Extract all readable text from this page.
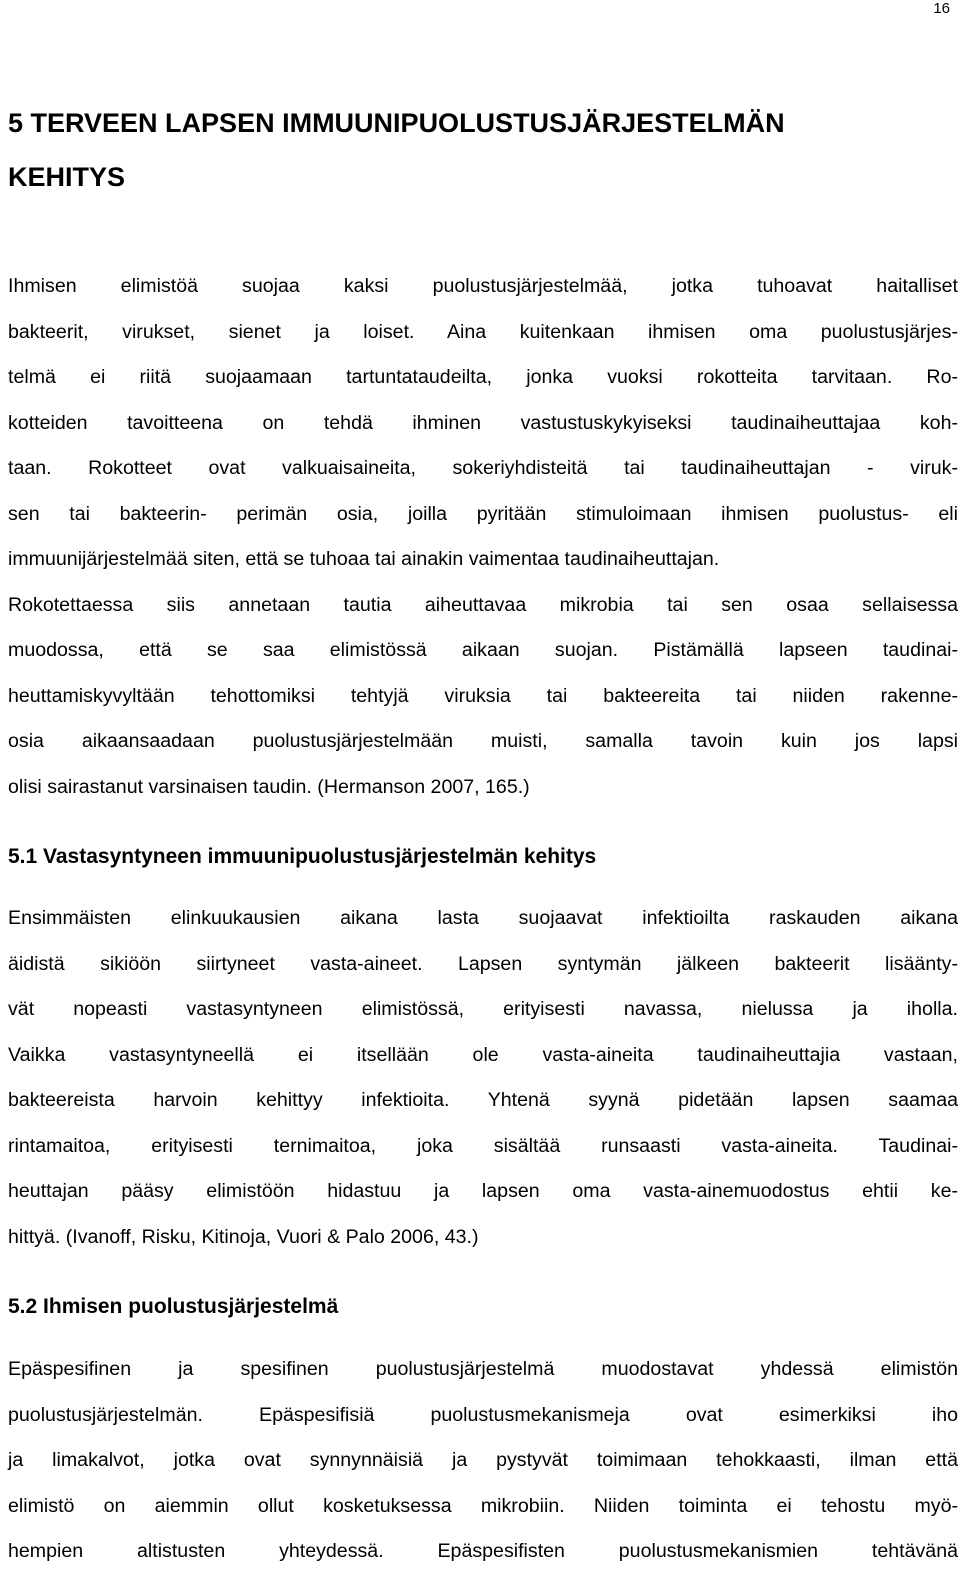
16
5 TERVEEN LAPSEN IMMUUNIPUOLUSTUSJÄRJESTELMÄN
KEHITYS
Ihmisen elimistöä suojaa kaksi puolustusjärjestelmää, jotka tuhoavat haitalliset
bakteerit, virukset, sienet ja loiset. Aina kuitenkaan ihmisen oma puolustusjärjes-
telmä ei riitä suojaamaan tartuntataudeilta, jonka vuoksi rokotteita tarvitaan. Ro-
kotteiden tavoitteena on tehdä ihminen vastustuskykyiseksi taudinaiheuttajaa koh-
taan. Rokotteet ovat valkuaisaineita, sokeriyhdisteitä tai taudinaiheuttajan - viruk-
sen tai bakteerin- perimän osia, joilla pyritään stimuloimaan ihmisen puolustus- eli
immuunijärjestelmää siten, että se tuhoaa tai ainakin vaimentaa taudinaiheuttajan.
Rokotettaessa siis annetaan tautia aiheuttavaa mikrobia tai sen osaa sellaisessa
muodossa, että se saa elimistössä aikaan suojan. Pistämällä lapseen taudinai-
heuttamiskyvyltään tehottomiksi tehtyjä viruksia tai bakteereita tai niiden rakenne-
osia aikaansaadaan puolustusjärjestelmään muisti, samalla tavoin kuin jos lapsi
olisi sairastanut varsinaisen taudin. (Hermanson 2007, 165.)
5.1 Vastasyntyneen immuunipuolustusjärjestelmän kehitys
Ensimmäisten elinkuukausien aikana lasta suojaavat infektioilta raskauden aikana
äidistä sikiöön siirtyneet vasta-aineet. Lapsen syntymän jälkeen bakteerit lisäänty-
vät nopeasti vastasyntyneen elimistössä, erityisesti navassa, nielussa ja iholla.
Vaikka vastasyntyneellä ei itsellään ole vasta-aineita taudinaiheuttajia vastaan,
bakteereista harvoin kehittyy infektioita. Yhtenä syynä pidetään lapsen saamaa
rintamaitoa, erityisesti ternimaitoa, joka sisältää runsaasti vasta-aineita. Taudinai-
heuttajan pääsy elimistöön hidastuu ja lapsen oma vasta-ainemuodostus ehtii ke-
hittyä. (Ivanoff, Risku, Kitinoja, Vuori & Palo 2006, 43.)
5.2 Ihmisen puolustusjärjestelmä
Epäspesifinen ja spesifinen puolustusjärjestelmä muodostavat yhdessä elimistön
puolustusjärjestelmän. Epäspesifisiä puolustusmekanismeja ovat esimerkiksi iho
ja limakalvot, jotka ovat synnynnäisiä ja pystyvät toimimaan tehokkaasti, ilman että
elimistö on aiemmin ollut kosketuksessa mikrobiin. Niiden toiminta ei tehostu myö-
hempien altistusten yhteydessä. Epäspesifisten puolustusmekanismien tehtävänä
